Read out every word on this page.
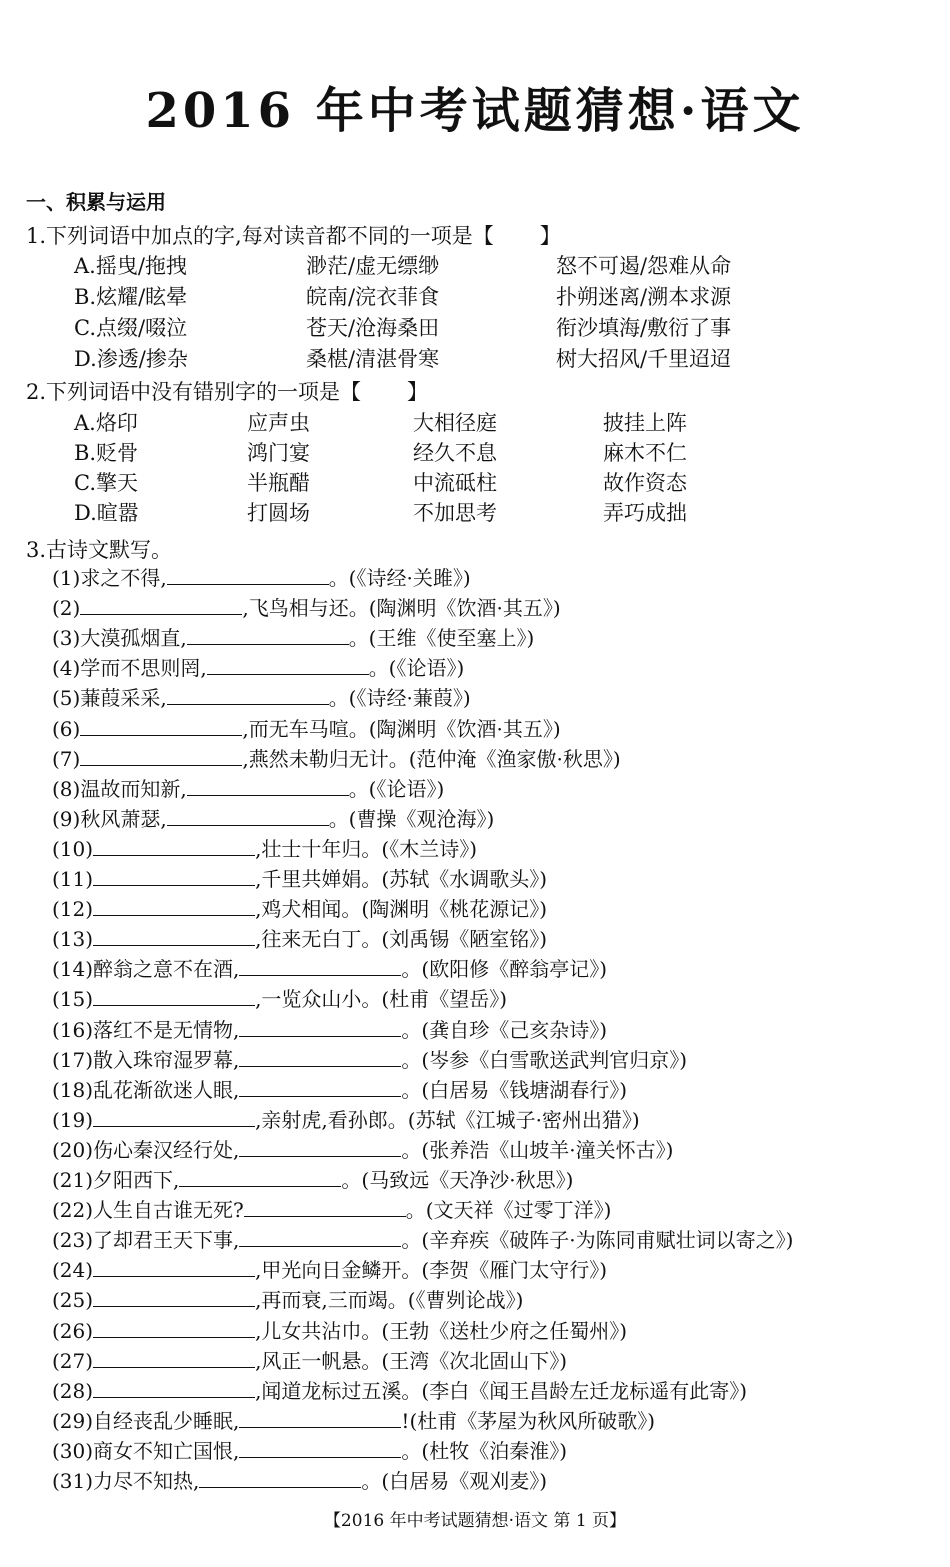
2016 年中考试题猜想·语文
一、积累与运用
1.下列词语中加点的字,每对读音都不同的一项是【 】
A.摇曳/拖拽	渺茫/虚无缥缈	怒不可遏/怨难从命
B.炫耀/眩晕	皖南/浣衣菲食	扑朔迷离/溯本求源
C.点缀/啜泣	苍天/沧海桑田	衔沙填海/敷衍了事
D.渗透/掺杂	桑椹/清湛骨寒	树大招风/千里迢迢
2.下列词语中没有错别字的一项是【 】
A.烙印	应声虫	大相径庭	披挂上阵
B.贬骨	鸿门宴	经久不息	麻木不仁
C.擎天	半瓶醋	中流砥柱	故作资态
D.暄嚣	打圆场	不加思考	弄巧成拙
3.古诗文默写。
(1)求之不得,	。(《诗经·关雎》)
(2)	,飞鸟相与还。(陶渊明《饮酒·其五》)
(3)大漠孤烟直,	。(王维《使至塞上》)
(4)学而不思则罔,	。(《论语》)
(5)蒹葭采采,	。(《诗经·蒹葭》)
(6)	,而无车马喧。(陶渊明《饮酒·其五》)
(7)	,燕然未勒归无计。(范仲淹《渔家傲·秋思》)
(8)温故而知新,	。(《论语》)
(9)秋风萧瑟,	。(曹操《观沧海》)
(10)	,壮士十年归。(《木兰诗》)
(11)	,千里共婵娟。(苏轼《水调歌头》)
(12)	,鸡犬相闻。(陶渊明《桃花源记》)
(13)	,往来无白丁。(刘禹锡《陋室铭》)
(14)醉翁之意不在酒,	。(欧阳修《醉翁亭记》)
(15)	,一览众山小。(杜甫《望岳》)
(16)落红不是无情物,	。(龚自珍《己亥杂诗》)
(17)散入珠帘湿罗幕,	。(岑参《白雪歌送武判官归京》)
(18)乱花渐欲迷人眼,	。(白居易《钱塘湖春行》)
(19)	,亲射虎,看孙郎。(苏轼《江城子·密州出猎》)
(20)伤心秦汉经行处,	。(张养浩《山坡羊·潼关怀古》)
(21)夕阳西下,	。(马致远《天净沙·秋思》)
(22)人生自古谁无死?	。(文天祥《过零丁洋》)
(23)了却君王天下事,	。(辛弃疾《破阵子·为陈同甫赋壮词以寄之》)
(24)	,甲光向日金鳞开。(李贺《雁门太守行》)
(25)	,再而衰,三而竭。(《曹刿论战》)
(26)	,儿女共沾巾。(王勃《送杜少府之任蜀州》)
(27)	,风正一帆悬。(王湾《次北固山下》)
(28)	,闻道龙标过五溪。(李白《闻王昌龄左迁龙标遥有此寄》)
(29)自经丧乱少睡眠,	!(杜甫《茅屋为秋风所破歌》)
(30)商女不知亡国恨,	。(杜牧《泊秦淮》)
(31)力尽不知热,	。(白居易《观刈麦》)
【2016 年中考试题猜想·语文 第 1 页】
